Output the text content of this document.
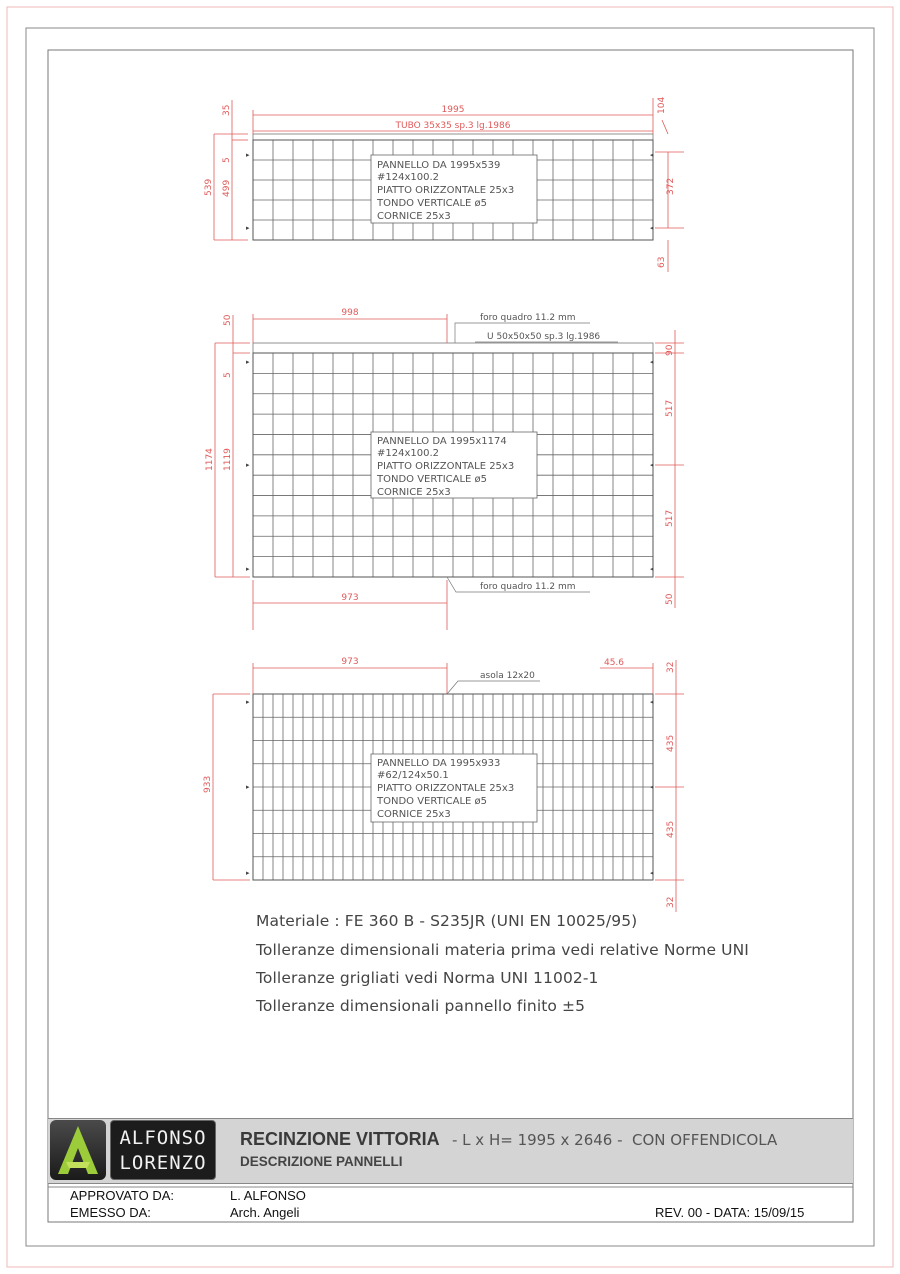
▸
▸
◂
◂
1995	104
TUBO 35x35 sp.3 lg.1986
35
5
499
539	372
63
PANNELLO DA 1995x539
#124x100.2
PIATTO ORIZZONTALE 25x3
TONDO VERTICALE ø5
CORNICE 25x3
▸
▸
▸
◂
◂
◂
998
50
5
1174 1119
90
517
517
50
973
foro quadro 11.2 mm
U 50x50x50 sp.3 lg.1986
foro quadro 11.2 mm
PANNELLO DA 1995x1174
#124x100.2
PIATTO ORIZZONTALE 25x3
TONDO VERTICALE ø5
CORNICE 25x3
▸
▸
▸
◂
◂
◂
973	45.6	32
933
435
435
32
asola 12x20
PANNELLO DA 1995x933
#62/124x50.1
PIATTO ORIZZONTALE 25x3
TONDO VERTICALE ø5
CORNICE 25x3
Materiale : FE 360 B - S235JR (UNI EN 10025/95)
Tolleranze dimensionali materia prima vedi relative Norme UNI
Tolleranze grigliati vedi Norma UNI 11002-1
Tolleranze dimensionali pannello finito ±5
ALFONSO
LORENZO
RECINZIONE VITTORIA - L x H= 1995 x 2646 - CON OFFENDICOLA
DESCRIZIONE PANNELLI
APPROVATO DA:	L. ALFONSO
EMESSO DA:	Arch. Angeli	REV. 00 - DATA: 15/09/15
